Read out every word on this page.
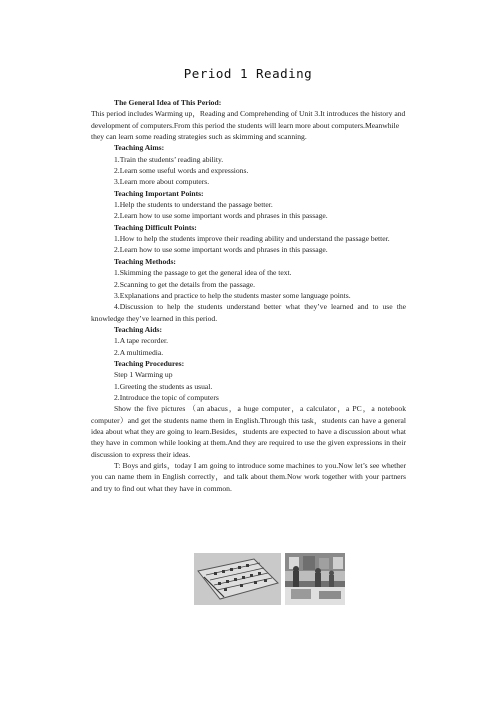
Period 1 Reading

The General Idea of This Period:

This period includes Warming up，Reading and Comprehending of Unit 3.It introduces the history and development of computers.From this period the students will learn more about computers.Meanwhile they can learn some reading strategies such as skimming and scanning.

Teaching Aims:

1.Train the students’ reading ability.

2.Learn some useful words and expressions.

3.Learn more about computers.

Teaching Important Points:

1.Help the students to understand the passage better.

2.Learn how to use some important words and phrases in this passage.

Teaching Difficult Points:

1.How to help the students improve their reading ability and understand the passage better.

2.Learn how to use some important words and phrases in this passage.

Teaching Methods:

1.Skimming the passage to get the general idea of the text.

2.Scanning to get the details from the passage.

3.Explanations and practice to help the students master some language points.

4.Discussion to help the students understand better what they’ve learned and to use the knowledge they’ve learned in this period.

Teaching Aids:

1.A tape recorder.

2.A multimedia.

Teaching Procedures:

Step 1 Warming up

1.Greeting the students as usual.

2.Introduce the topic of computers

Show the five pictures （an abacus，a huge computer，a calculator，a PC，a notebook computer）and get the students name them in English.Through this task，students can have a general idea about what they are going to learn.Besides，students are expected to have a discussion about what they have in common while looking at them.And they are required to use the given expressions in their discussion to express their ideas.

T: Boys and girls，today I am going to introduce some machines to you.Now let’s see whether you can name them in English correctly，and talk about them.Now work together with your partners and try to find out what they have in common.
